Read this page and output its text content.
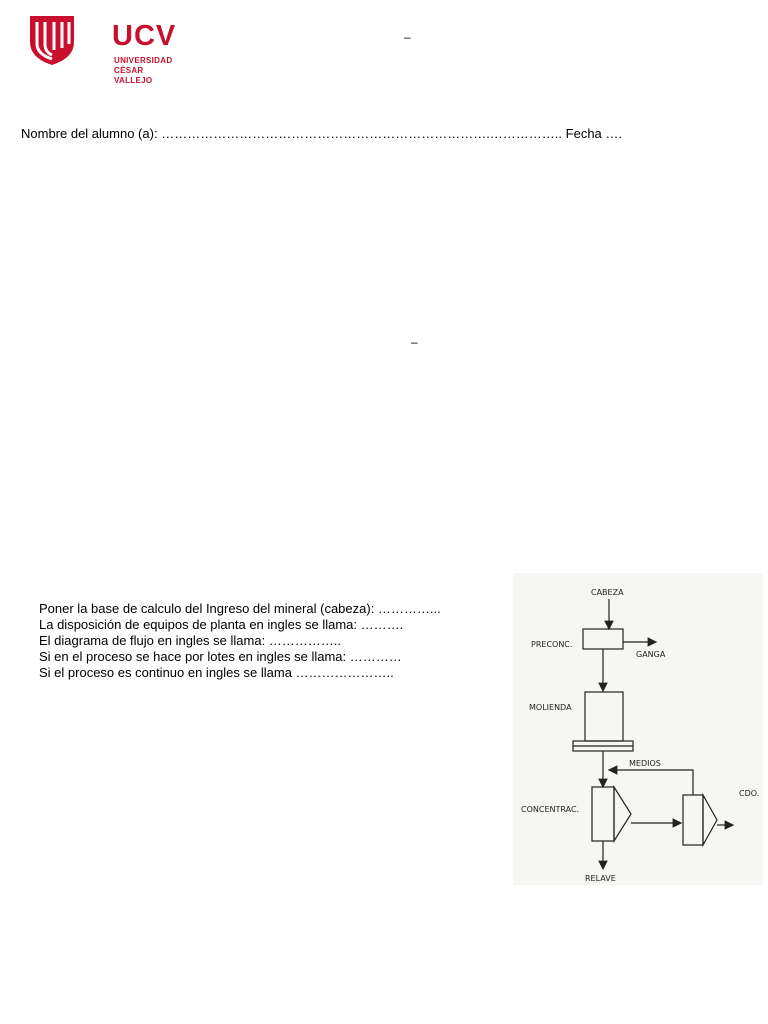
UCV
UNIVERSIDAD
CÉSAR VALLEJO
–
Nombre del alumno (a): ………………………………………………………………….…………….. Fecha ….
–
Poner la base de calculo del Ingreso del mineral (cabeza): …………...
La disposición de equipos de planta en ingles se llama: ……….
El diagrama de flujo en ingles se llama: ……………..
Si en el proceso se hace por lotes en ingles se llama: …………
Si el proceso es continuo en ingles se llama …………………..
CABEZA
PRECONC.
GANGA
MOLIENDA
MEDIOS
CONCENTRAC.
CDO.
RELAVE
